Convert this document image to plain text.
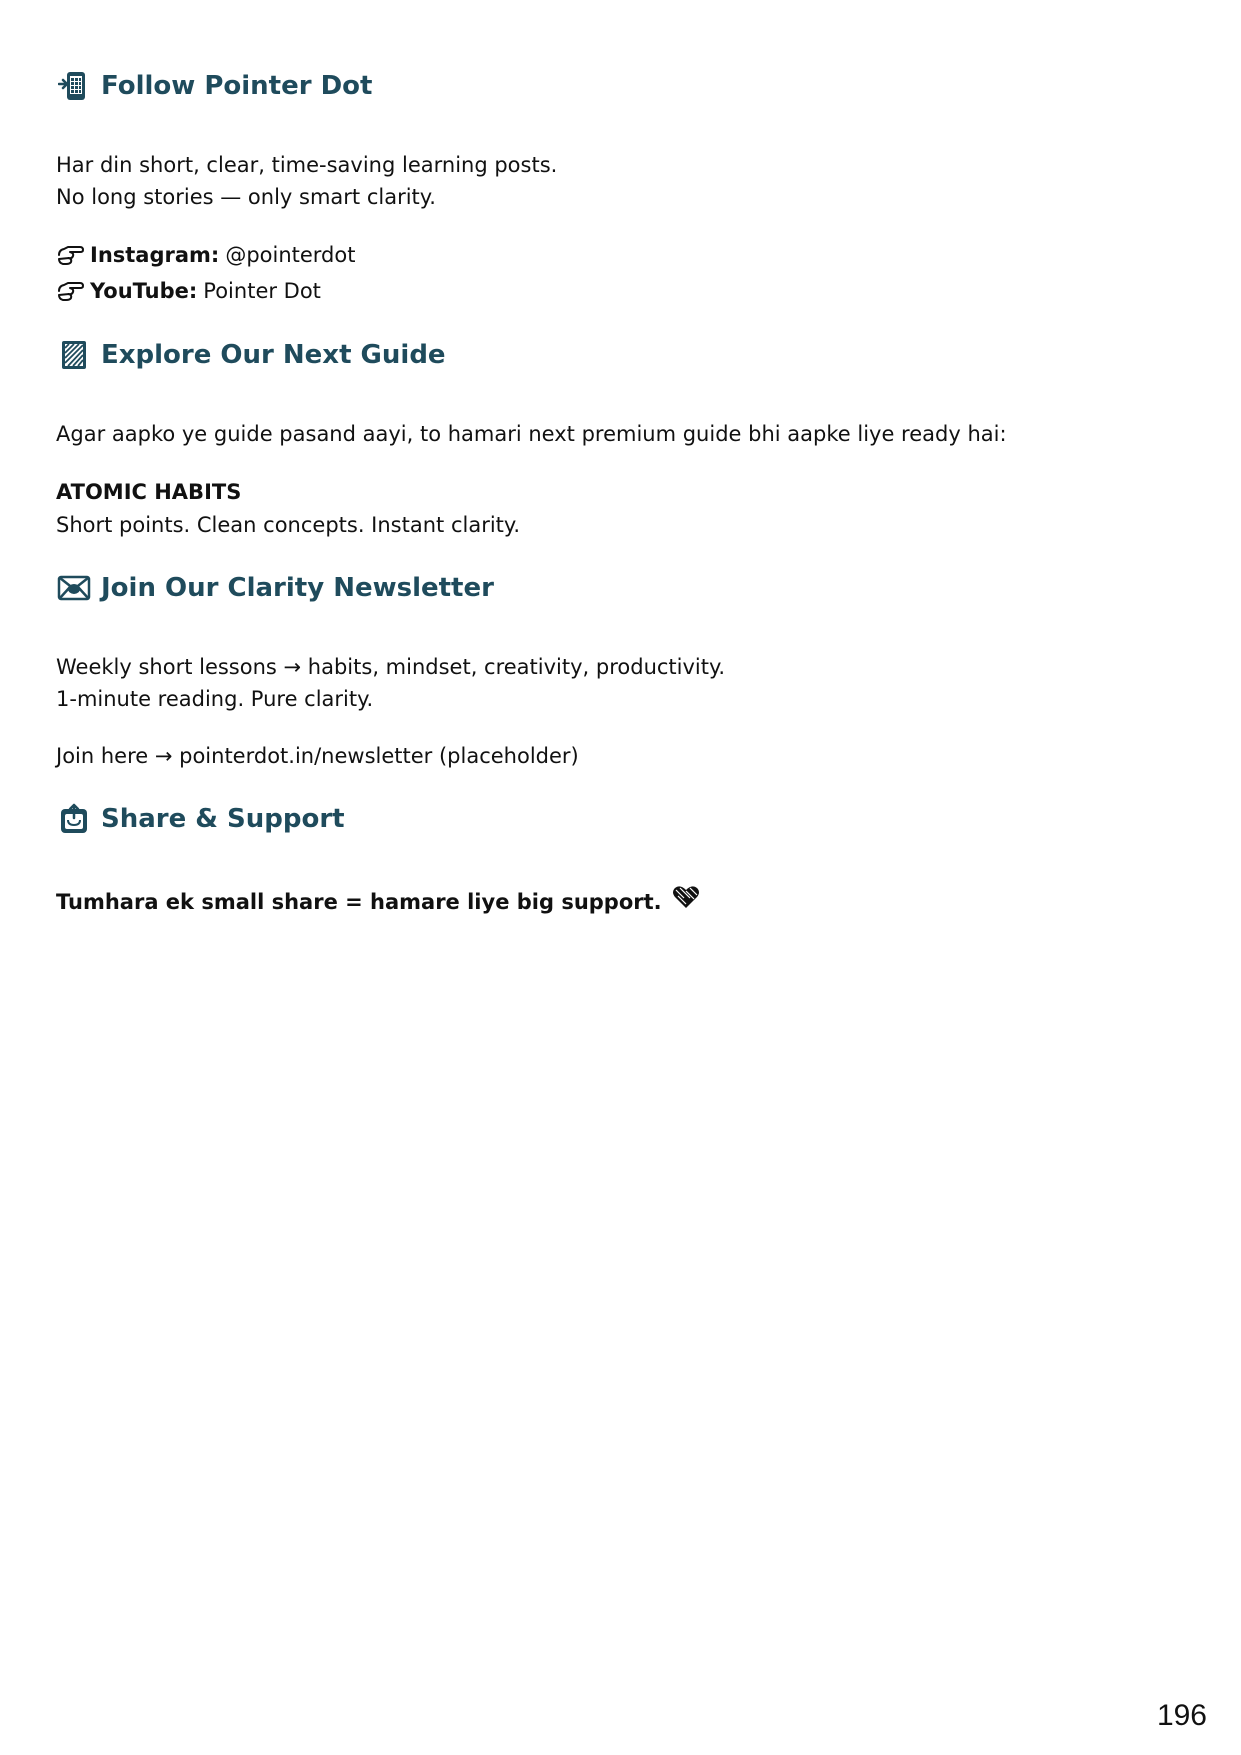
Follow Pointer Dot
Har din short, clear, time-saving learning posts.
No long stories — only smart clarity.
Instagram: @pointerdot
YouTube: Pointer Dot
Explore Our Next Guide
Agar aapko ye guide pasand aayi, to hamari next premium guide bhi aapke liye ready hai:
ATOMIC HABITS
Short points. Clean concepts. Instant clarity.
Join Our Clarity Newsletter
Weekly short lessons → habits, mindset, creativity, productivity.
1-minute reading. Pure clarity.
Join here → pointerdot.in/newsletter (placeholder)
Share & Support
Tumhara ek small share = hamare liye big support.
196
